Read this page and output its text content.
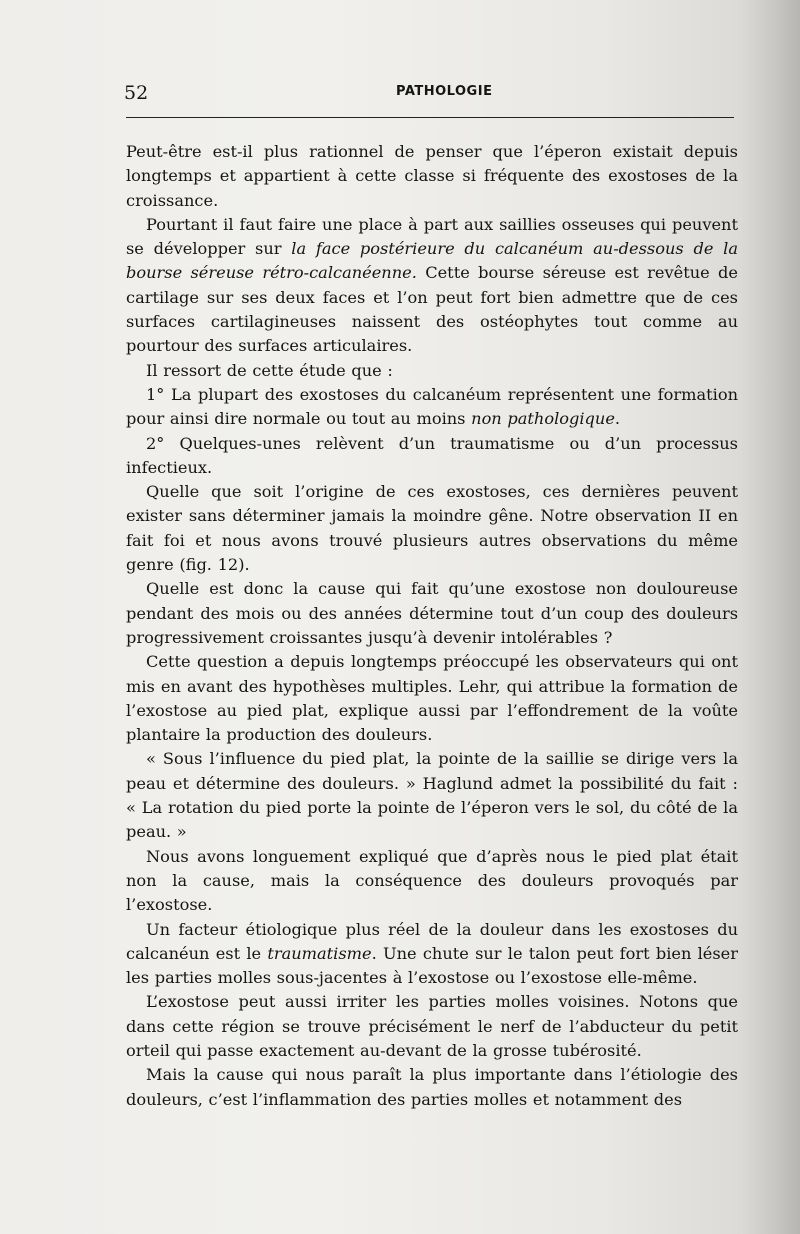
52	PATHOLOGIE

Peut-être est-il plus rationnel de penser que l’éperon existait depuis longtemps et appartient à cette classe si fréquente des exostoses de la croissance.

Pourtant il faut faire une place à part aux saillies osseuses qui peuvent se développer sur la face postérieure du calcanéum au-dessous de la bourse séreuse rétro-calcanéenne. Cette bourse séreuse est revêtue de cartilage sur ses deux faces et l’on peut fort bien admettre que de ces surfaces cartilagineuses naissent des ostéophytes tout comme au pourtour des surfaces articulaires.

Il ressort de cette étude que :

1° La plupart des exostoses du calcanéum représentent une formation pour ainsi dire normale ou tout au moins non pathologique.

2° Quelques-unes relèvent d’un traumatisme ou d’un processus infectieux.

Quelle que soit l’origine de ces exostoses, ces dernières peuvent exister sans déterminer jamais la moindre gêne. Notre observation II en fait foi et nous avons trouvé plusieurs autres observations du même genre (fig. 12).

Quelle est donc la cause qui fait qu’une exostose non douloureuse pendant des mois ou des années détermine tout d’un coup des douleurs progressivement croissantes jusqu’à devenir intolérables ?

Cette question a depuis longtemps préoccupé les observateurs qui ont mis en avant des hypothèses multiples. Lehr, qui attribue la formation de l’exostose au pied plat, explique aussi par l’effondrement de la voûte plantaire la production des douleurs.

« Sous l’influence du pied plat, la pointe de la saillie se dirige vers la peau et détermine des douleurs. » Haglund admet la possibilité du fait : « La rotation du pied porte la pointe de l’éperon vers le sol, du côté de la peau. »

Nous avons longuement expliqué que d’après nous le pied plat était non la cause, mais la conséquence des douleurs provoqués par l’exostose.

Un facteur étiologique plus réel de la douleur dans les exostoses du calcanéun est le traumatisme. Une chute sur le talon peut fort bien léser les parties molles sous-jacentes à l’exostose ou l’exostose elle-même.

L’exostose peut aussi irriter les parties molles voisines. Notons que dans cette région se trouve précisément le nerf de l’abducteur du petit orteil qui passe exactement au-devant de la grosse tubérosité.

Mais la cause qui nous paraît la plus importante dans l’étiologie des douleurs, c’est l’inflammation des parties molles et notamment des
